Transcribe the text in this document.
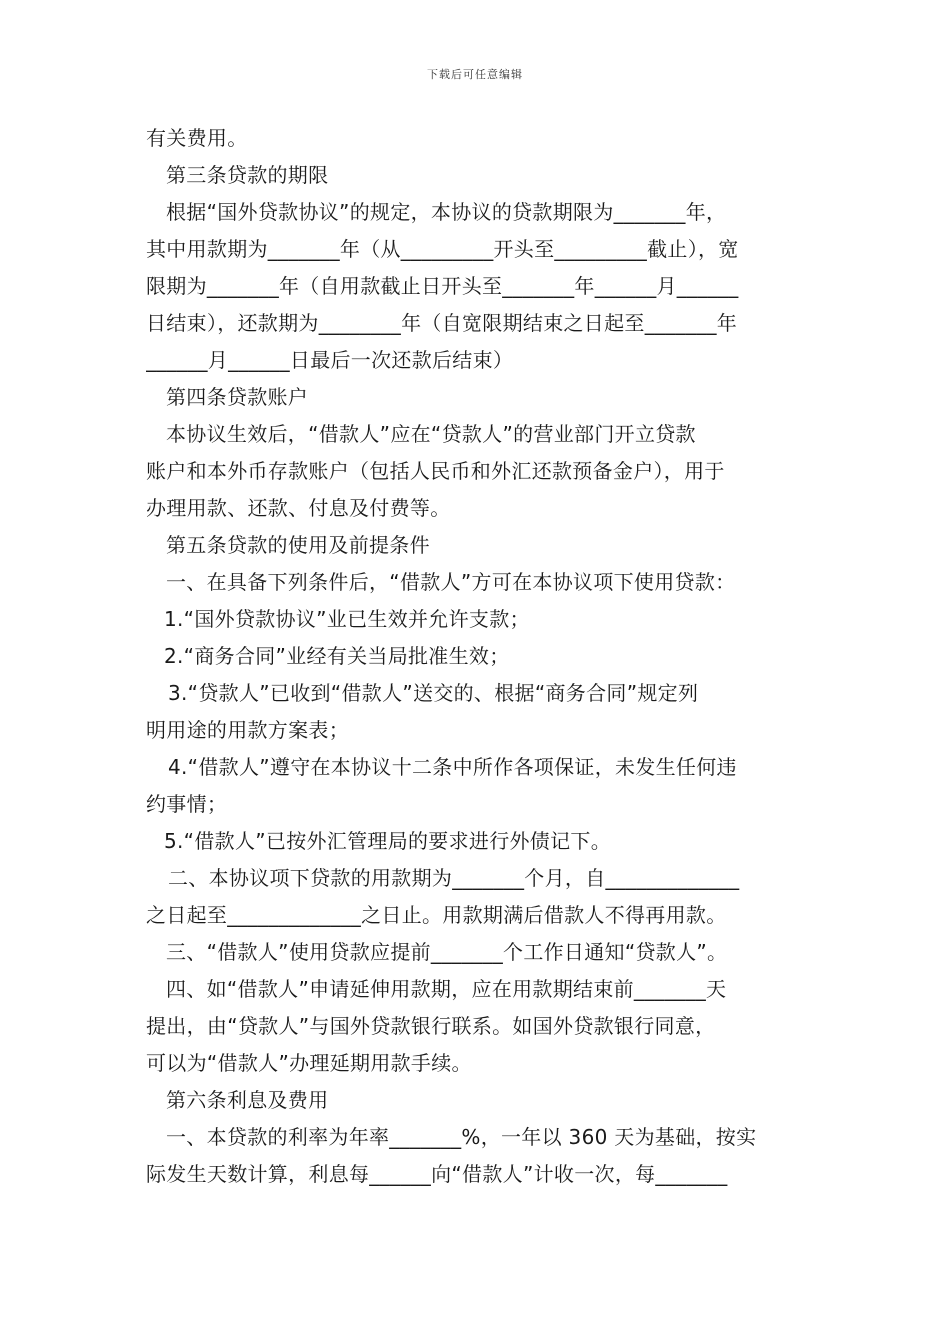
下载后可任意编辑
有关费用。
第三条贷款的期限
根据“国外贷款协议”的规定，本协议的贷款期限为_______年，
其中用款期为_______年（从_________开头至_________截止），宽
限期为_______年（自用款截止日开头至_______年______月______
日结束），还款期为________年（自宽限期结束之日起至_______年
______月______日最后一次还款后结束）
第四条贷款账户
本协议生效后，“借款人”应在“贷款人”的营业部门开立贷款
账户和本外币存款账户（包括人民币和外汇还款预备金户），用于
办理用款、还款、付息及付费等。
第五条贷款的使用及前提条件
一、在具备下列条件后，“借款人”方可在本协议项下使用贷款：
1.“国外贷款协议”业已生效并允许支款；
2.“商务合同”业经有关当局批准生效；
3.“贷款人”已收到“借款人”送交的、根据“商务合同”规定列
明用途的用款方案表；
4.“借款人”遵守在本协议十二条中所作各项保证，未发生任何违
约事情；
5.“借款人”已按外汇管理局的要求进行外债记下。
二、本协议项下贷款的用款期为_______个月，自_____________
之日起至_____________之日止。用款期满后借款人不得再用款。
三、“借款人”使用贷款应提前_______个工作日通知“贷款人”。
四、如“借款人”申请延伸用款期，应在用款期结束前_______天
提出，由“贷款人”与国外贷款银行联系。如国外贷款银行同意，
可以为“借款人”办理延期用款手续。
第六条利息及费用
一、本贷款的利率为年率_______%，一年以 360 天为基础，按实
际发生天数计算，利息每______向“借款人”计收一次，每_______
